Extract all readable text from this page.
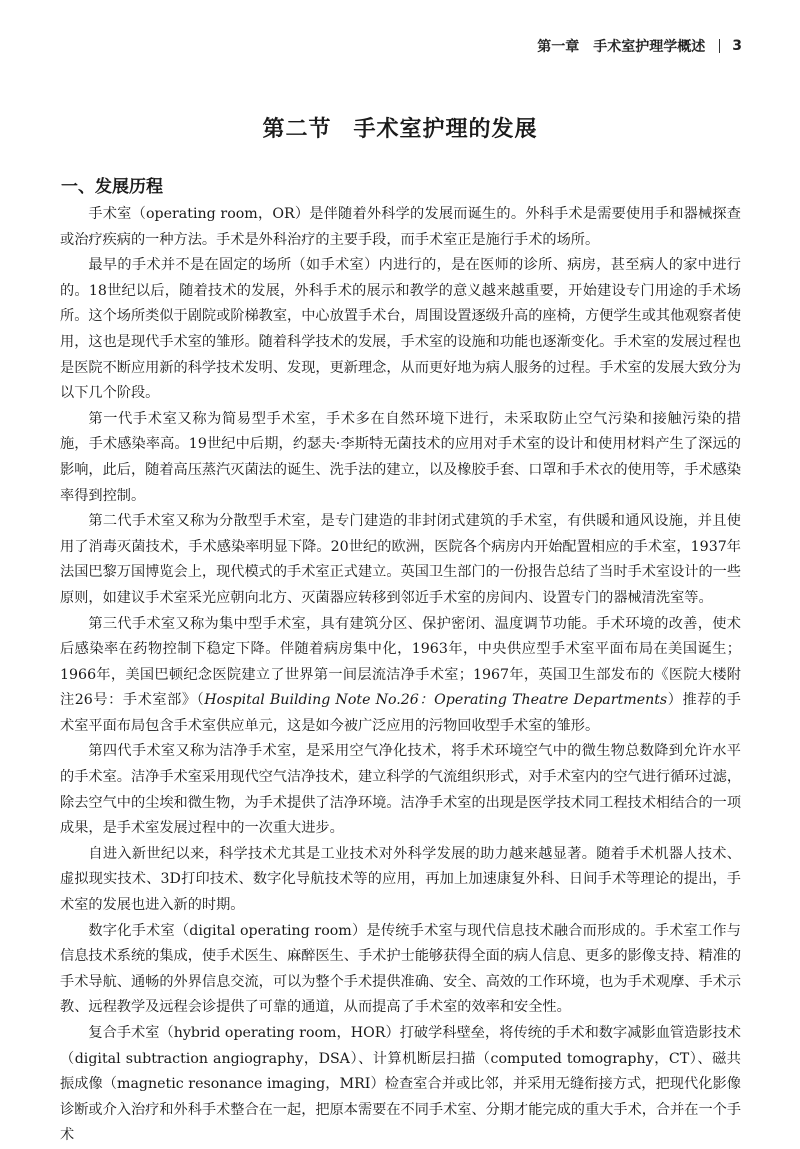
第一章　手术室护理学概述 3
第二节 手术室护理的发展
一、发展历程

手术室（operating room，OR）是伴随着外科学的发展而诞生的。外科手术是需要使用手和器械探查或治疗疾病的一种方法。手术是外科治疗的主要手段，而手术室正是施行手术的场所。

最早的手术并不是在固定的场所（如手术室）内进行的，是在医师的诊所、病房，甚至病人的家中进行的。18世纪以后，随着技术的发展，外科手术的展示和教学的意义越来越重要，开始建设专门用途的手术场所。这个场所类似于剧院或阶梯教室，中心放置手术台，周围设置逐级升高的座椅，方便学生或其他观察者使用，这也是现代手术室的雏形。随着科学技术的发展，手术室的设施和功能也逐渐变化。手术室的发展过程也是医院不断应用新的科学技术发明、发现，更新理念，从而更好地为病人服务的过程。手术室的发展大致分为以下几个阶段。

第一代手术室又称为简易型手术室，手术多在自然环境下进行，未采取防止空气污染和接触污染的措施，手术感染率高。19世纪中后期，约瑟夫·李斯特无菌技术的应用对手术室的设计和使用材料产生了深远的影响，此后，随着高压蒸汽灭菌法的诞生、洗手法的建立，以及橡胶手套、口罩和手术衣的使用等，手术感染率得到控制。

第二代手术室又称为分散型手术室，是专门建造的非封闭式建筑的手术室，有供暖和通风设施，并且使用了消毒灭菌技术，手术感染率明显下降。20世纪的欧洲，医院各个病房内开始配置相应的手术室，1937年法国巴黎万国博览会上，现代模式的手术室正式建立。英国卫生部门的一份报告总结了当时手术室设计的一些原则，如建议手术室采光应朝向北方、灭菌器应转移到邻近手术室的房间内、设置专门的器械清洗室等。

第三代手术室又称为集中型手术室，具有建筑分区、保护密闭、温度调节功能。手术环境的改善，使术后感染率在药物控制下稳定下降。伴随着病房集中化，1963年，中央供应型手术室平面布局在美国诞生；1966年，美国巴顿纪念医院建立了世界第一间层流洁净手术室；1967年，英国卫生部发布的《医院大楼附注26号：手术室部》（Hospital Building Note No.26：Operating Theatre Departments）推荐的手术室平面布局包含手术室供应单元，这是如今被广泛应用的污物回收型手术室的雏形。

第四代手术室又称为洁净手术室，是采用空气净化技术，将手术环境空气中的微生物总数降到允许水平的手术室。洁净手术室采用现代空气洁净技术，建立科学的气流组织形式，对手术室内的空气进行循环过滤，除去空气中的尘埃和微生物，为手术提供了洁净环境。洁净手术室的出现是医学技术同工程技术相结合的一项成果，是手术室发展过程中的一次重大进步。

自进入新世纪以来，科学技术尤其是工业技术对外科学发展的助力越来越显著。随着手术机器人技术、虚拟现实技术、3D打印技术、数字化导航技术等的应用，再加上加速康复外科、日间手术等理论的提出，手术室的发展也进入新的时期。

数字化手术室（digital operating room）是传统手术室与现代信息技术融合而形成的。手术室工作与信息技术系统的集成，使手术医生、麻醉医生、手术护士能够获得全面的病人信息、更多的影像支持、精准的手术导航、通畅的外界信息交流，可以为整个手术提供准确、安全、高效的工作环境，也为手术观摩、手术示教、远程教学及远程会诊提供了可靠的通道，从而提高了手术室的效率和安全性。

复合手术室（hybrid operating room，HOR）打破学科壁垒，将传统的手术和数字减影血管造影技术（digital subtraction angiography，DSA）、计算机断层扫描（computed tomography，CT）、磁共振成像（magnetic resonance imaging，MRI）检查室合并或比邻，并采用无缝衔接方式，把现代化影像诊断或介入治疗和外科手术整合在一起，把原本需要在不同手术室、分期才能完成的重大手术，合并在一个手术
